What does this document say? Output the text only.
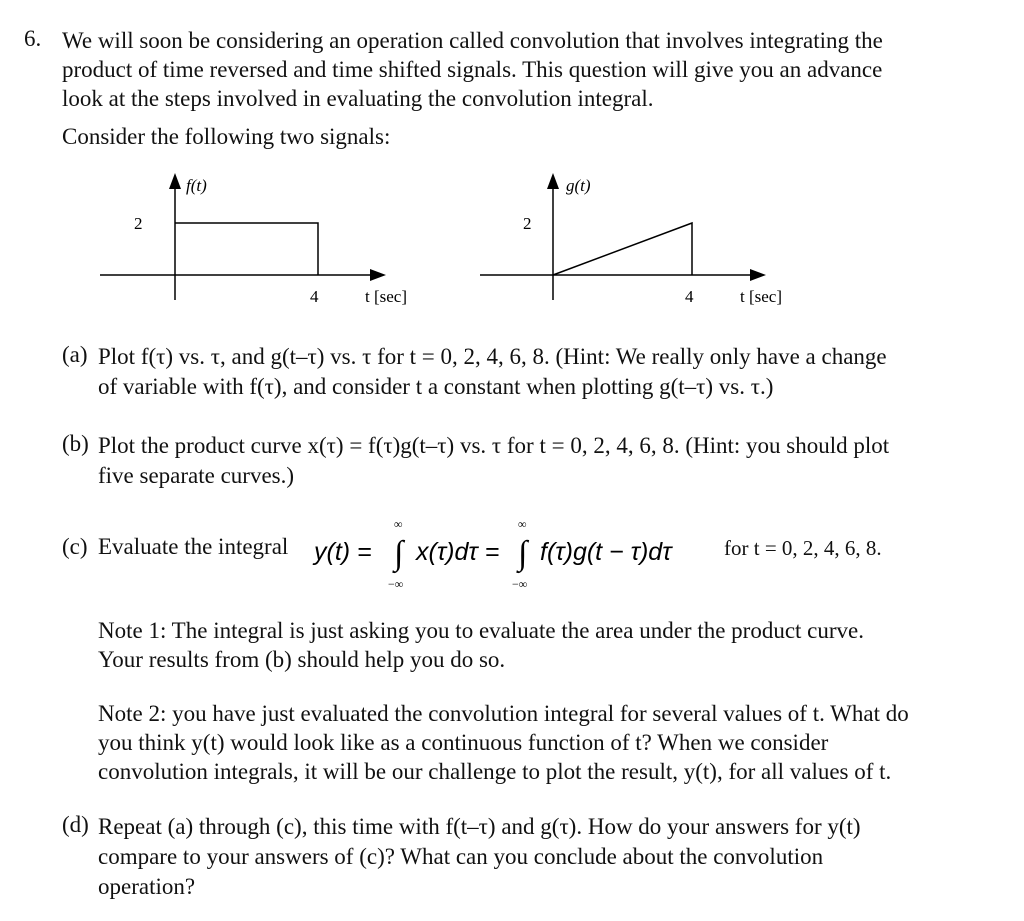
6. We will soon be considering an operation called convolution that involves integrating the
product of time reversed and time shifted signals. This question will give you an advance
look at the steps involved in evaluating the convolution integral.
Consider the following two signals:
f(t)
2
4	t [sec]
g(t)
2
4	t [sec]
(a) Plot f(τ) vs. τ, and g(t–τ) vs. τ for t = 0, 2, 4, 6, 8. (Hint: We really only have a change
of variable with f(τ), and consider t a constant when plotting g(t–τ) vs. τ.)
(b) Plot the product curve x(τ) = f(τ)g(t–τ) vs. τ for t = 0, 2, 4, 6, 8. (Hint: you should plot
five separate curves.)
(c) Evaluate the integral y(t) = ∫
∞
−∞
x(τ)dτ = ∫
∞
−∞
f(τ)g(t − τ)dτ for t = 0, 2, 4, 6, 8.
Note 1: The integral is just asking you to evaluate the area under the product curve.
Your results from (b) should help you do so.
Note 2: you have just evaluated the convolution integral for several values of t. What do
you think y(t) would look like as a continuous function of t? When we consider
convolution integrals, it will be our challenge to plot the result, y(t), for all values of t.
(d) Repeat (a) through (c), this time with f(t–τ) and g(τ). How do your answers for y(t)
compare to your answers of (c)? What can you conclude about the convolution
operation?
